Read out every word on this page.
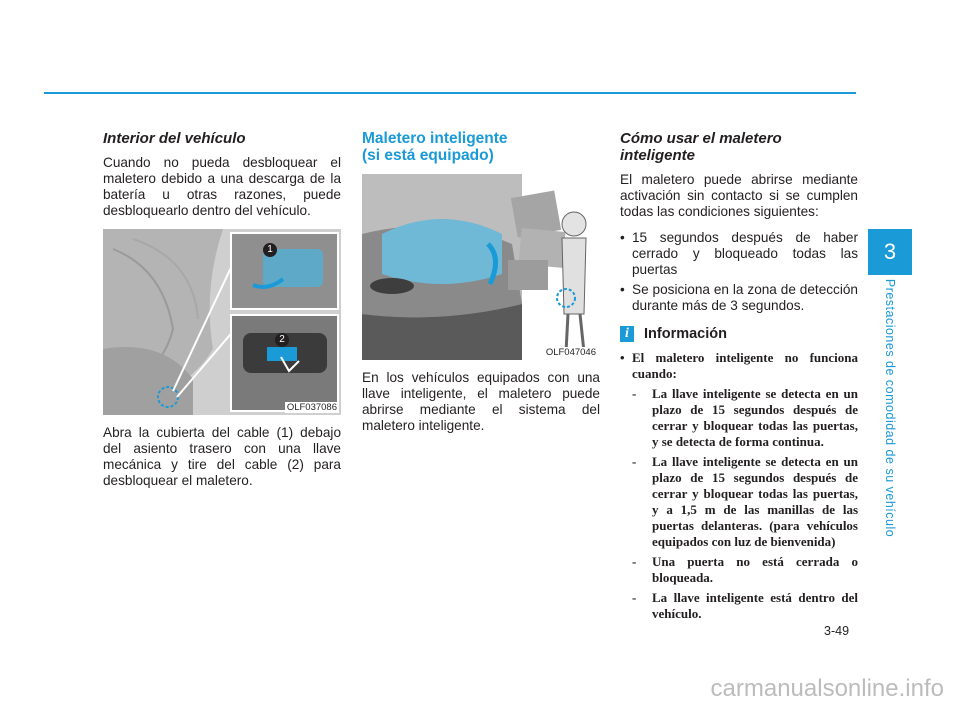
Interior del vehículo

Cuando no pueda desbloquear el maletero debido a una descarga de la batería u otras razones, puede desbloquearlo dentro del vehículo.

1
2
OLF037086

Abra la cubierta del cable (1) debajo del asiento trasero con una llave mecánica y tire del cable (2) para desbloquear el maletero.

Maletero inteligente
(si está equipado)
OLF047046

En los vehículos equipados con una llave inteligente, el maletero puede abrirse mediante el sistema del maletero inteligente.

Cómo usar el maletero
inteligente

El maletero puede abrirse mediante activación sin contacto si se cumplen todas las condiciones siguientes:

• 15 segundos después de haber cerrado y bloqueado todas las puertas
• Se posiciona en la zona de detección durante más de 3 segundos.
i	Información
• El maletero inteligente no funciona cuando:
- La llave inteligente se detecta en un plazo de 15 segundos después de cerrar y bloquear todas las puertas, y se detecta de forma continua.
- La llave inteligente se detecta en un plazo de 15 segundos después de cerrar y bloquear todas las puertas, y a 1,5 m de las manillas de las puertas delanteras. (para vehículos equipados con luz de bienvenida)
- Una puerta no está cerrada o bloqueada.
- La llave inteligente está dentro del vehículo.
3
Prestaciones de comodidad de su vehículo
3-49
carmanualsonline.info
